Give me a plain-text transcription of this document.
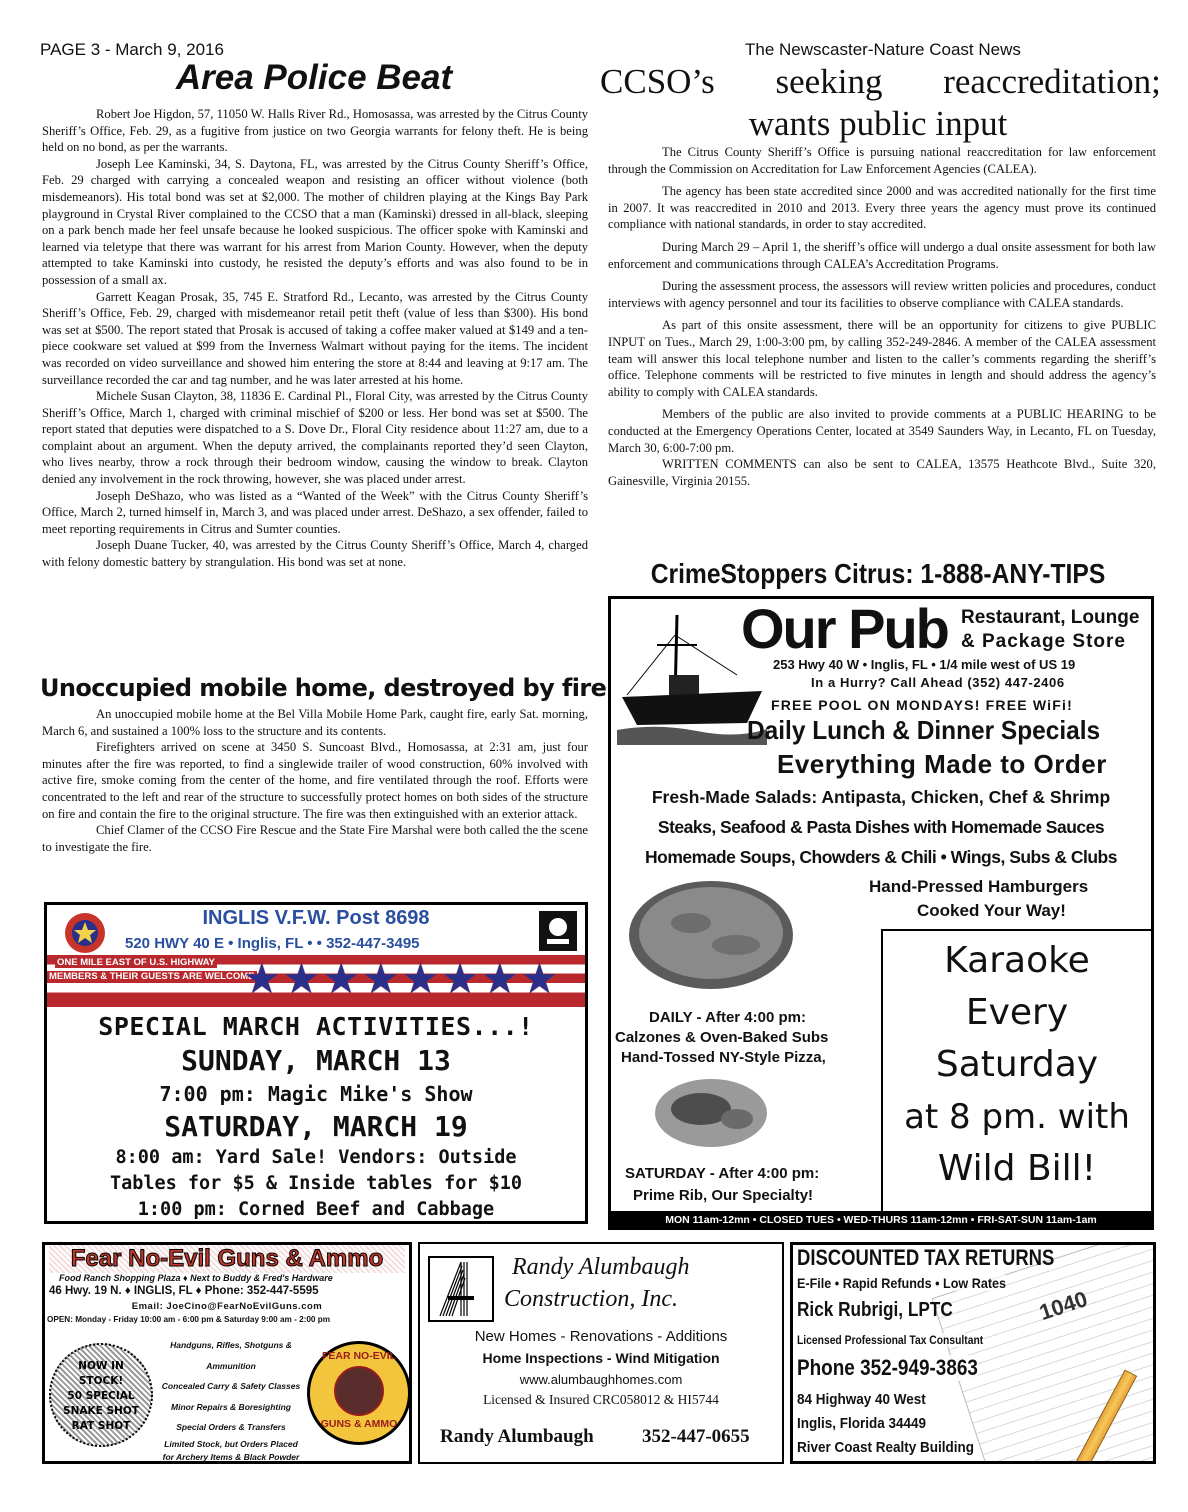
PAGE 3 - March 9, 2016	The Newscaster-Nature Coast News
Area Police Beat

Robert Joe Higdon, 57, 11050 W. Halls River Rd., Homosassa, was arrested by the Citrus County Sheriff’s Office, Feb. 29, as a fugitive from justice on two Georgia warrants for felony theft. He is being held on no bond, as per the warrants.

Joseph Lee Kaminski, 34, S. Daytona, FL, was arrested by the Citrus County Sheriff’s Office, Feb. 29 charged with carrying a concealed weapon and resisting an officer without violence (both misdemeanors). His total bond was set at $2,000. The mother of children playing at the Kings Bay Park playground in Crystal River complained to the CCSO that a man (Kaminski) dressed in all-black, sleeping on a park bench made her feel unsafe because he looked suspicious. The officer spoke with Kaminski and learned via teletype that there was warrant for his arrest from Marion County. However, when the deputy attempted to take Kaminski into custody, he resisted the deputy’s efforts and was also found to be in possession of a small ax.

Garrett Keagan Prosak, 35, 745 E. Stratford Rd., Lecanto, was arrested by the Citrus County Sheriff’s Office, Feb. 29, charged with misdemeanor retail petit theft (value of less than $300). His bond was set at $500. The report stated that Prosak is accused of taking a coffee maker valued at $149 and a ten-piece cookware set valued at $99 from the Inverness Walmart without paying for the items. The incident was recorded on video surveillance and showed him entering the store at 8:44 and leaving at 9:17 am. The surveillance recorded the car and tag number, and he was later arrested at his home.

Michele Susan Clayton, 38, 11836 E. Cardinal Pl., Floral City, was arrested by the Citrus County Sheriff’s Office, March 1, charged with criminal mischief of $200 or less. Her bond was set at $500. The report stated that deputies were dispatched to a S. Dove Dr., Floral City residence about 11:27 am, due to a complaint about an argument. When the deputy arrived, the complainants reported they’d seen Clayton, who lives nearby, throw a rock through their bedroom window, causing the window to break. Clayton denied any involvement in the rock throwing, however, she was placed under arrest.

Joseph DeShazo, who was listed as a “Wanted of the Week” with the Citrus County Sheriff’s Office, March 2, turned himself in, March 3, and was placed under arrest. DeShazo, a sex offender, failed to meet reporting requirements in Citrus and Sumter counties.

Joseph Duane Tucker, 40, was arrested by the Citrus County Sheriff’s Office, March 4, charged with felony domestic battery by strangulation. His bond was set at none.

Unoccupied mobile home, destroyed by fire

An unoccupied mobile home at the Bel Villa Mobile Home Park, caught fire, early Sat. morning, March 6, and sustained a 100% loss to the structure and its contents.

Firefighters arrived on scene at 3450 S. Suncoast Blvd., Homosassa, at 2:31 am, just four minutes after the fire was reported, to find a singlewide trailer of wood construction, 60% involved with active fire, smoke coming from the center of the home, and fire ventilated through the roof. Efforts were concentrated to the left and rear of the structure to successfully protect homes on both sides of the structure on fire and contain the fire to the original structure. The fire was then extinguished with an exterior attack.

Chief Clamer of the CCSO Fire Rescue and the State Fire Marshal were both called the the scene to investigate the fire.

CCSO’s seeking reaccreditation;
wants public input

The Citrus County Sheriff’s Office is pursuing national reaccreditation for law enforcement through the Commission on Accreditation for Law Enforcement Agencies (CALEA).

The agency has been state accredited since 2000 and was accredited nationally for the first time in 2007. It was reaccredited in 2010 and 2013. Every three years the agency must prove its continued compliance with national standards, in order to stay accredited.

During March 29 – April 1, the sheriff’s office will undergo a dual onsite assessment for both law enforcement and communications through CALEA’s Accreditation Programs.

During the assessment process, the assessors will review written policies and procedures, conduct interviews with agency personnel and tour its facilities to observe compliance with CALEA standards.

As part of this onsite assessment, there will be an opportunity for citizens to give PUBLIC INPUT on Tues., March 29, 1:00-3:00 pm, by calling 352-249-2846. A member of the CALEA assessment team will answer this local telephone number and listen to the caller’s comments regarding the sheriff’s office. Telephone comments will be restricted to five minutes in length and should address the agency’s ability to comply with CALEA standards.

Members of the public are also invited to provide comments at a PUBLIC HEARING to be conducted at the Emergency Operations Center, located at 3549 Saunders Way, in Lecanto, FL on Tuesday, March 30, 6:00-7:00 pm.

WRITTEN COMMENTS can also be sent to CALEA, 13575 Heathcote Blvd., Suite 320, Gainesville, Virginia 20155.

CrimeStoppers Citrus: 1-888-ANY-TIPS
Our Pub Restaurant, Lounge
& Package Store
253 Hwy 40 W • Inglis, FL • 1/4 mile west of US 19
In a Hurry? Call Ahead (352) 447-2406
FREE POOL ON MONDAYS! FREE WiFi!
Daily Lunch & Dinner Specials
Everything Made to Order
Fresh-Made Salads: Antipasta, Chicken, Chef & Shrimp
Steaks, Seafood & Pasta Dishes with Homemade Sauces
Homemade Soups, Chowders & Chili • Wings, Subs & Clubs
Hand-Pressed Hamburgers
Cooked Your Way!
DAILY - After 4:00 pm:
Calzones & Oven-Baked Subs
Hand-Tossed NY-Style Pizza,
SATURDAY - After 4:00 pm:
Prime Rib, Our Specialty!
Karaoke
Every
Saturday
at 8 pm. with
Wild Bill!
MON 11am-12mn • CLOSED TUES • WED-THURS 11am-12mn • FRI-SAT-SUN 11am-1am
INGLIS V.F.W. Post 8698
520 HWY 40 E • Inglis, FL • • 352-447-3495
ONE MILE EAST OF U.S. HIGHWAY
MEMBERS & THEIR GUESTS ARE WELCOME
★ ★ ★ ★ ★ ★ ★ ★
SPECIAL MARCH ACTIVITIES...!
SUNDAY, MARCH 13
7:00 pm: Magic Mike's Show
SATURDAY, MARCH 19
8:00 am: Yard Sale! Vendors: Outside
Tables for $5 & Inside tables for $10
1:00 pm: Corned Beef and Cabbage
Fear No-Evil Guns & Ammo
Food Ranch Shopping Plaza ♦ Next to Buddy & Fred's Hardware
46 Hwy. 19 N. ♦ INGLIS, FL ♦ Phone: 352-447-5595
Email: JoeCino@FearNoEvilGuns.com
OPEN: Monday - Friday 10:00 am - 6:00 pm & Saturday 9:00 am - 2:00 pm
NOW IN
STOCK!
50 SPECIAL
SNAKE SHOT
RAT SHOT
Handguns, Rifles, Shotguns & Ammunition
Concealed Carry & Safety Classes
Minor Repairs & Boresighting
Special Orders & Transfers
Limited Stock, but Orders Placed
for Archery Items & Black Powder
FEAR NO-EVIL
GUNS & AMMO
Randy Alumbaugh
Construction, Inc.
New Homes - Renovations - Additions
Home Inspections - Wind Mitigation
www.alumbaughhomes.com
Licensed & Insured CRC058012 & HI5744
Randy Alumbaugh	352-447-0655
1040
DISCOUNTED TAX RETURNS
E-File • Rapid Refunds • Low Rates
Rick Rubrigi, LPTC
Licensed Professional Tax Consultant
Phone 352-949-3863
84 Highway 40 West
Inglis, Florida 34449
River Coast Realty Building
